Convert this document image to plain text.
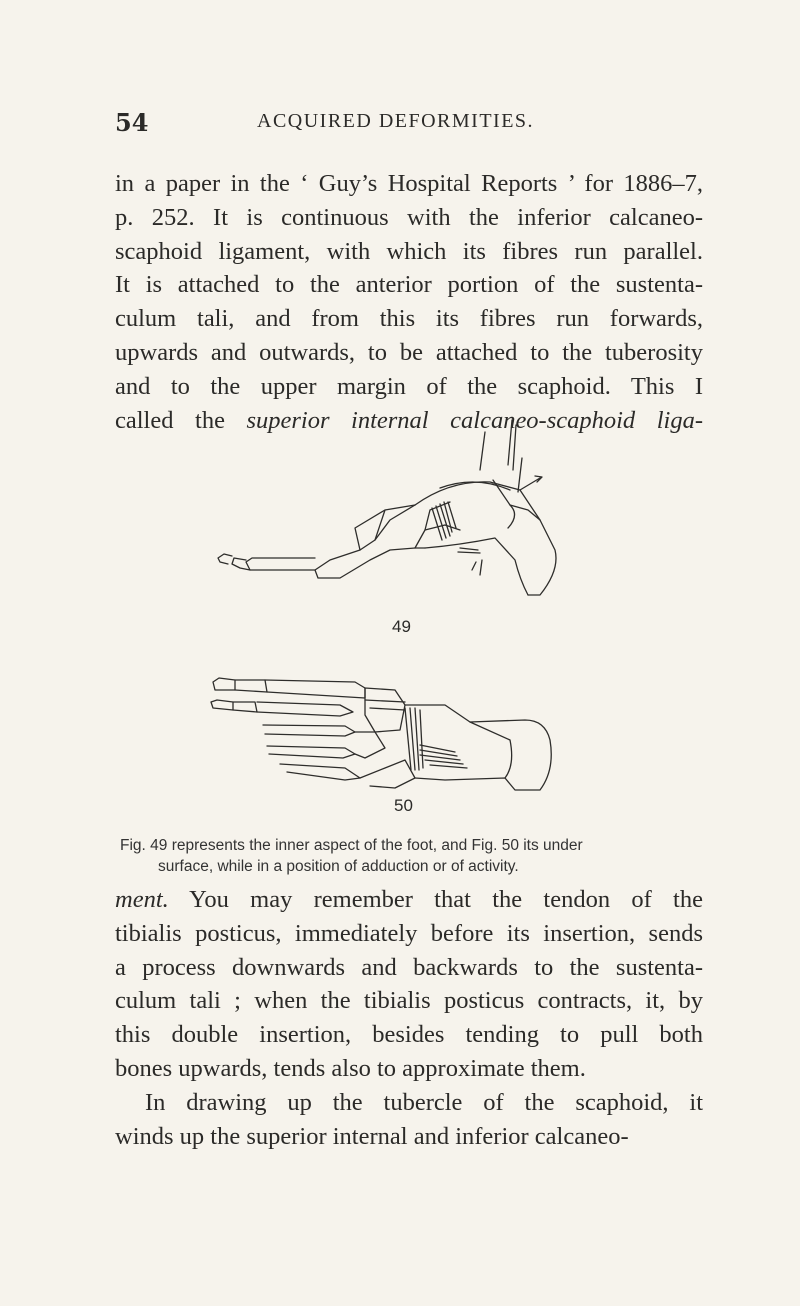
54	ACQUIRED DEFORMITIES.
in a paper in the ‘ Guy’s Hospital Reports ’ for 1886–7,
p. 252. It is continuous with the inferior calcaneo-
scaphoid ligament, with which its fibres run parallel.
It is attached to the anterior portion of the sustenta-
culum tali, and from this its fibres run forwards,
upwards and outwards, to be attached to the tuberosity
and to the upper margin of the scaphoid. This I
called the superior internal calcaneo-scaphoid liga-
49
50
Fig. 49 represents the inner aspect of the foot, and Fig. 50 its under
surface, while in a position of adduction or of activity.
ment. You may remember that the tendon of the
tibialis posticus, immediately before its insertion, sends
a process downwards and backwards to the sustenta-
culum tali ; when the tibialis posticus contracts, it, by
this double insertion, besides tending to pull both
bones upwards, tends also to approximate them.
In drawing up the tubercle of the scaphoid, it
winds up the superior internal and inferior calcaneo-
